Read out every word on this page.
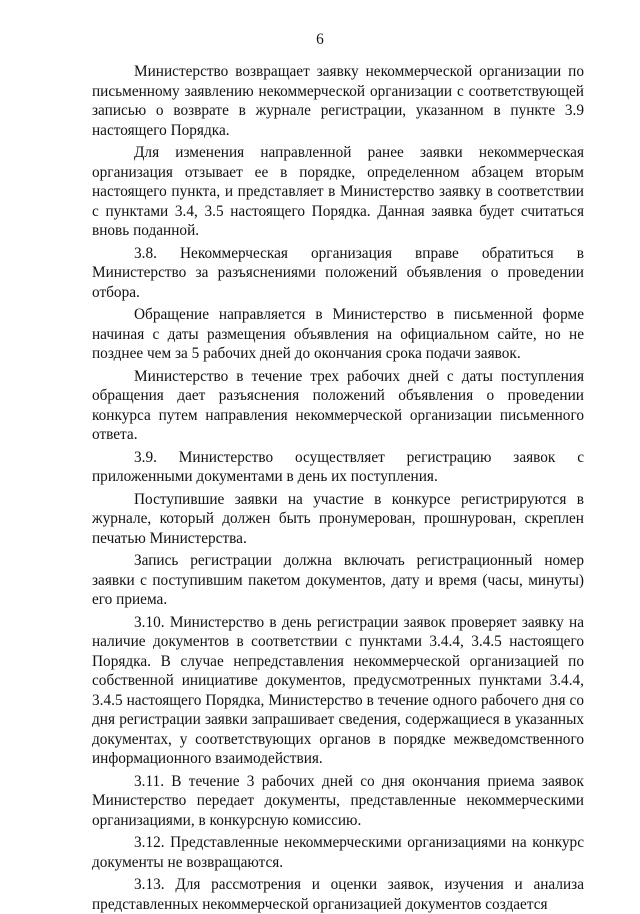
6

Министерство возвращает заявку некоммерческой организации по письменному заявлению некоммерческой организации с соответствующей записью о возврате в журнале регистрации, указанном в пункте 3.9 настоящего Порядка.

Для изменения направленной ранее заявки некоммерческая организация отзывает ее в порядке, определенном абзацем вторым настоящего пункта, и представляет в Министерство заявку в соответствии с пунктами 3.4, 3.5 настоящего Порядка. Данная заявка будет считаться вновь поданной.

3.8. Некоммерческая организация вправе обратиться в Министерство за разъяснениями положений объявления о проведении отбора.

Обращение направляется в Министерство в письменной форме начиная с даты размещения объявления на официальном сайте, но не позднее чем за 5 рабочих дней до окончания срока подачи заявок.

Министерство в течение трех рабочих дней с даты поступления обращения дает разъяснения положений объявления о проведении конкурса путем направления некоммерческой организации письменного ответа.

3.9. Министерство осуществляет регистрацию заявок с приложенными документами в день их поступления.

Поступившие заявки на участие в конкурсе регистрируются в журнале, который должен быть пронумерован, прошнурован, скреплен печатью Министерства.

Запись регистрации должна включать регистрационный номер заявки с поступившим пакетом документов, дату и время (часы, минуты) его приема.

3.10. Министерство в день регистрации заявок проверяет заявку на наличие документов в соответствии с пунктами 3.4.4, 3.4.5 настоящего Порядка. В случае непредставления некоммерческой организацией по собственной инициативе документов, предусмотренных пунктами 3.4.4, 3.4.5 настоящего Порядка, Министерство в течение одного рабочего дня со дня регистрации заявки запрашивает сведения, содержащиеся в указанных документах, у соответствующих органов в порядке межведомственного информационного взаимодействия.

3.11. В течение 3 рабочих дней со дня окончания приема заявок Министерство передает документы, представленные некоммерческими организациями, в конкурсную комиссию.

3.12. Представленные некоммерческими организациями на конкурс документы не возвращаются.

3.13. Для рассмотрения и оценки заявок, изучения и анализа представленных некоммерческой организацией документов создается
